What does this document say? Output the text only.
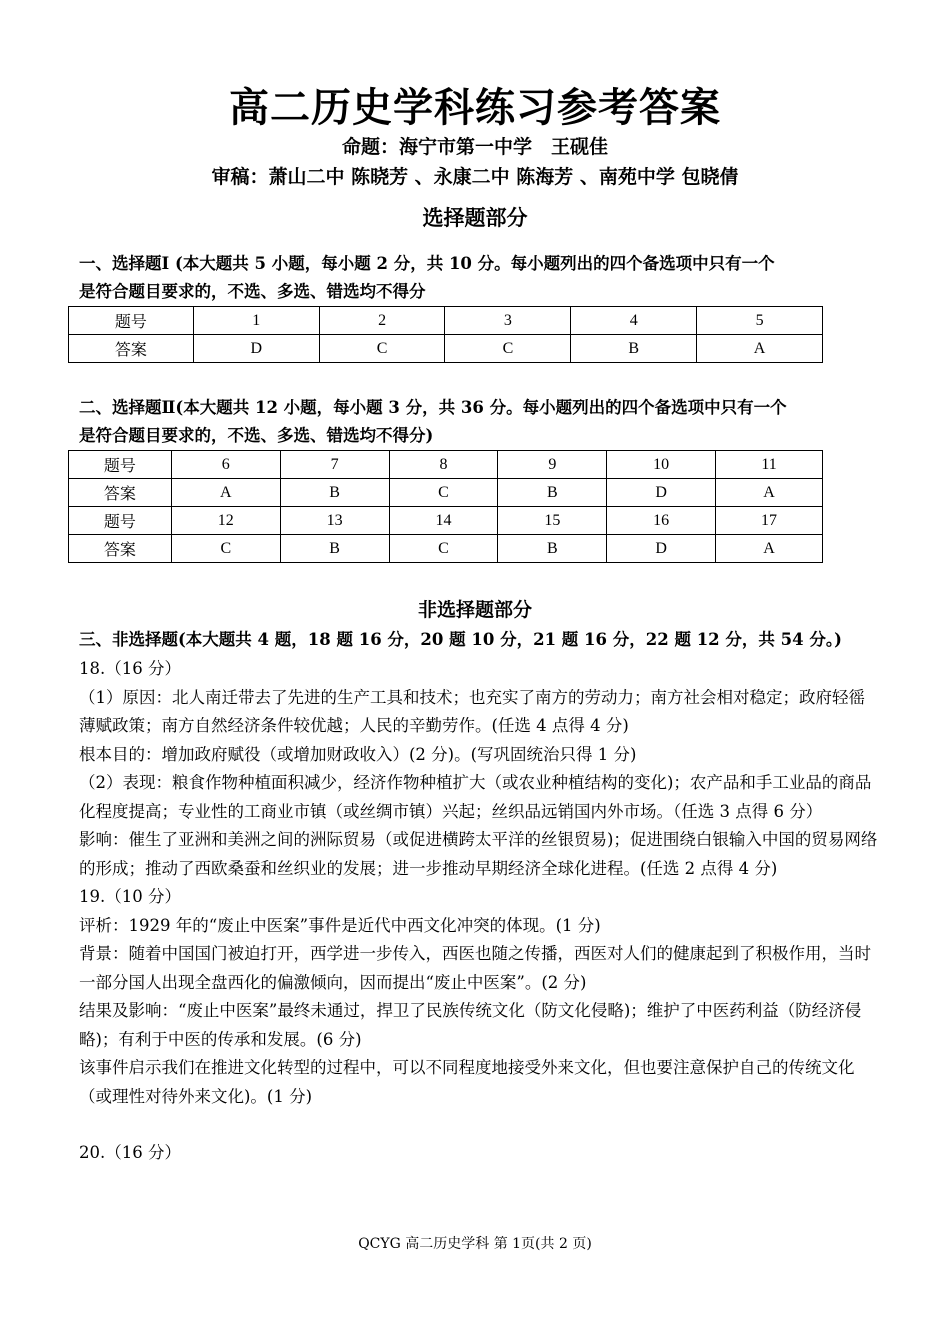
高二历史学科练习参考答案
命题：海宁市第一中学　王砚佳
审稿：萧山二中 陈晓芳 、永康二中 陈海芳 、南苑中学 包晓倩
选择题部分
一、选择题Ⅰ (本大题共 5 小题，每小题 2 分，共 10 分。每小题列出的四个备选项中只有一个
是符合题目要求的，不选、多选、错选均不得分
题号	1	2	3	4	5
答案	D	C	C	B	A
二、选择题Ⅱ(本大题共 12 小题，每小题 3 分，共 36 分。每小题列出的四个备选项中只有一个
是符合题目要求的，不选、多选、错选均不得分)
题号	6	7	8	9	10	11
答案	A	B	C	B	D	A
题号	12	13	14	15	16	17
答案	C	B	C	B	D	A
非选择题部分
三、非选择题(本大题共 4 题，18 题 16 分，20 题 10 分，21 题 16 分，22 题 12 分，共 54 分。)

18.（16 分）

（1）原因：北人南迁带去了先进的生产工具和技术；也充实了南方的劳动力；南方社会相对稳定；政府轻徭薄赋政策；南方自然经济条件较优越；人民的辛勤劳作。(任选 4 点得 4 分)

根本目的：增加政府赋役（或增加财政收入）(2 分)。(写巩固统治只得 1 分)

（2）表现：粮食作物种植面积减少，经济作物种植扩大（或农业种植结构的变化)；农产品和手工业品的商品化程度提高；专业性的工商业市镇（或丝绸市镇）兴起；丝织品远销国内外市场。（任选 3 点得 6 分）

影响：催生了亚洲和美洲之间的洲际贸易（或促进横跨太平洋的丝银贸易)；促进围绕白银输入中国的贸易网络的形成；推动了西欧桑蚕和丝织业的发展；进一步推动早期经济全球化进程。(任选 2 点得 4 分)

19.（10 分）

评析：1929 年的“废止中医案”事件是近代中西文化冲突的体现。(1 分)

背景：随着中国国门被迫打开，西学进一步传入，西医也随之传播，西医对人们的健康起到了积极作用，当时一部分国人出现全盘西化的偏激倾向，因而提出“废止中医案”。(2 分)

结果及影响：“废止中医案”最终未通过，捍卫了民族传统文化（防文化侵略)；维护了中医药利益（防经济侵略)；有利于中医的传承和发展。(6 分)

该事件启示我们在推进文化转型的过程中，可以不同程度地接受外来文化，但也要注意保护自己的传统文化（或理性对待外来文化)。(1 分)

20.（16 分）

QCYG 高二历史学科 第 1页(共 2 页)
